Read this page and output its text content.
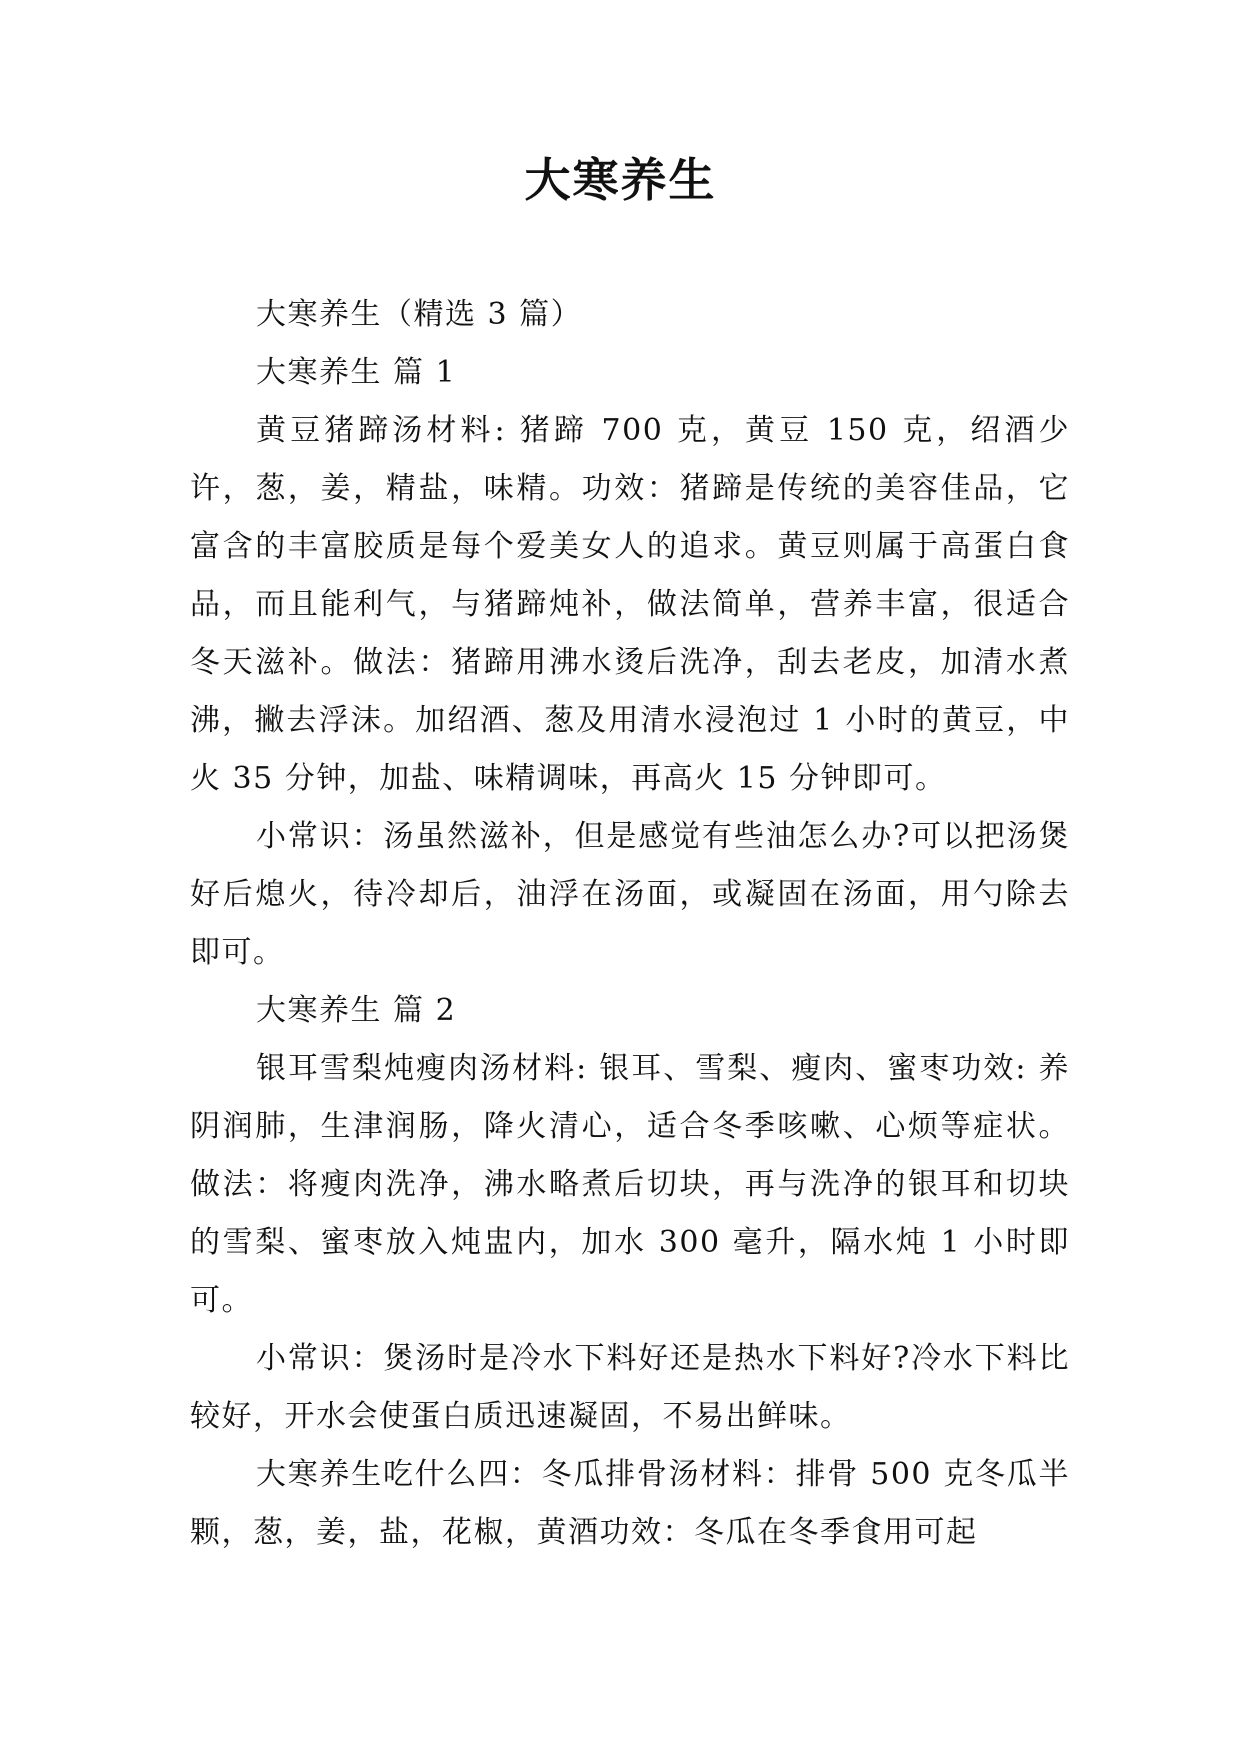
大寒养生

大寒养生（精选 3 篇）

大寒养生 篇 1

黄豆猪蹄汤材料: 猪蹄 700 克，黄豆 150 克，绍酒少许，葱，姜，精盐，味精。功效：猪蹄是传统的美容佳品，它富含的丰富胶质是每个爱美女人的追求。黄豆则属于高蛋白食品，而且能利气，与猪蹄炖补，做法简单，营养丰富，很适合冬天滋补。做法：猪蹄用沸水烫后洗净，刮去老皮，加清水煮沸，撇去浮沫。加绍酒、葱及用清水浸泡过 1 小时的黄豆，中火 35 分钟，加盐、味精调味，再高火 15 分钟即可。

小常识：汤虽然滋补，但是感觉有些油怎么办?可以把汤煲好后熄火，待冷却后，油浮在汤面，或凝固在汤面，用勺除去即可。

大寒养生 篇 2

银耳雪梨炖瘦肉汤材料: 银耳、雪梨、瘦肉、蜜枣功效: 养阴润肺，生津润肠，降火清心，适合冬季咳嗽、心烦等症状。做法：将瘦肉洗净，沸水略煮后切块，再与洗净的银耳和切块的雪梨、蜜枣放入炖盅内，加水 300 毫升，隔水炖 1 小时即可。

小常识：煲汤时是冷水下料好还是热水下料好?冷水下料比较好，开水会使蛋白质迅速凝固，不易出鲜味。

大寒养生吃什么四：冬瓜排骨汤材料：排骨 500 克冬瓜半颗，葱，姜，盐，花椒，黄酒功效：冬瓜在冬季食用可起
